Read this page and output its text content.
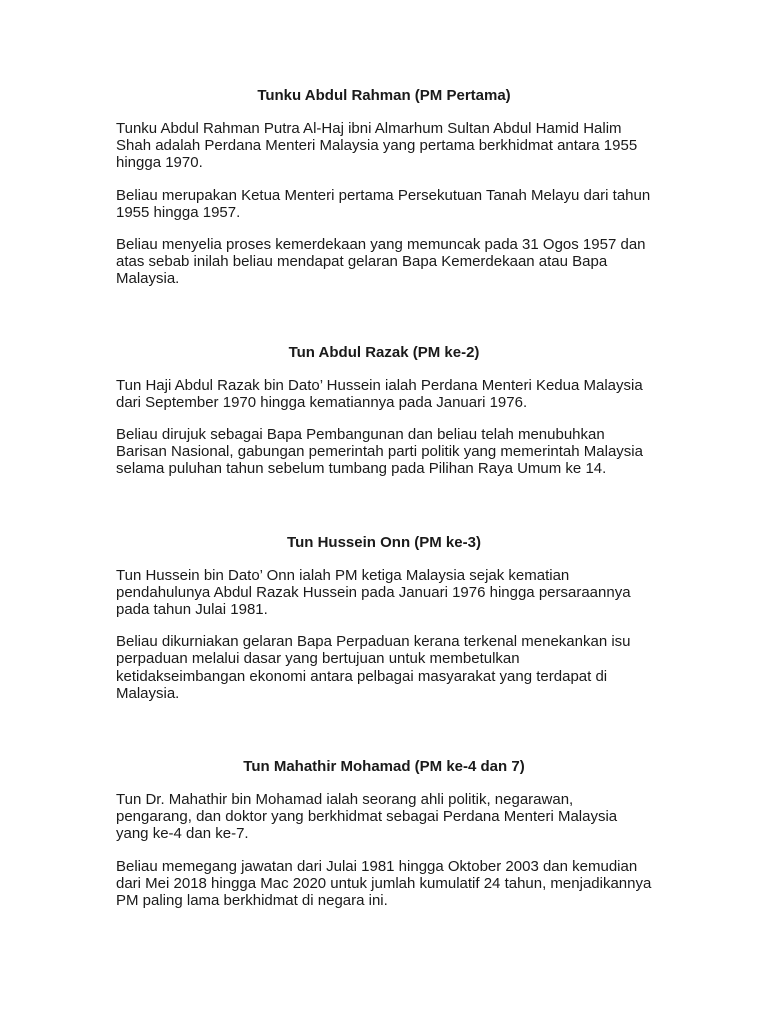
Tunku Abdul Rahman (PM Pertama)

Tunku Abdul Rahman Putra Al-Haj ibni Almarhum Sultan Abdul Hamid Halim Shah adalah Perdana Menteri Malaysia yang pertama berkhidmat antara 1955 hingga 1970.

Beliau merupakan Ketua Menteri pertama Persekutuan Tanah Melayu dari tahun 1955 hingga 1957.

Beliau menyelia proses kemerdekaan yang memuncak pada 31 Ogos 1957 dan atas sebab inilah beliau mendapat gelaran Bapa Kemerdekaan atau Bapa Malaysia.

Tun Abdul Razak (PM ke-2)

Tun Haji Abdul Razak bin Dato’ Hussein ialah Perdana Menteri Kedua Malaysia dari September 1970 hingga kematiannya pada Januari 1976.

Beliau dirujuk sebagai Bapa Pembangunan dan beliau telah menubuhkan Barisan Nasional, gabungan pemerintah parti politik yang memerintah Malaysia selama puluhan tahun sebelum tumbang pada Pilihan Raya Umum ke 14.

Tun Hussein Onn (PM ke-3)

Tun Hussein bin Dato’ Onn ialah PM ketiga Malaysia sejak kematian pendahulunya Abdul Razak Hussein pada Januari 1976 hingga persaraannya pada tahun Julai 1981.

Beliau dikurniakan gelaran Bapa Perpaduan kerana terkenal menekankan isu perpaduan melalui dasar yang bertujuan untuk membetulkan ketidakseimbangan ekonomi antara pelbagai masyarakat yang terdapat di Malaysia.

Tun Mahathir Mohamad (PM ke-4 dan 7)

Tun Dr. Mahathir bin Mohamad ialah seorang ahli politik, negarawan, pengarang, dan doktor yang berkhidmat sebagai Perdana Menteri Malaysia yang ke-4 dan ke-7.

Beliau memegang jawatan dari Julai 1981 hingga Oktober 2003 dan kemudian dari Mei 2018 hingga Mac 2020 untuk jumlah kumulatif 24 tahun, menjadikannya PM paling lama berkhidmat di negara ini.
